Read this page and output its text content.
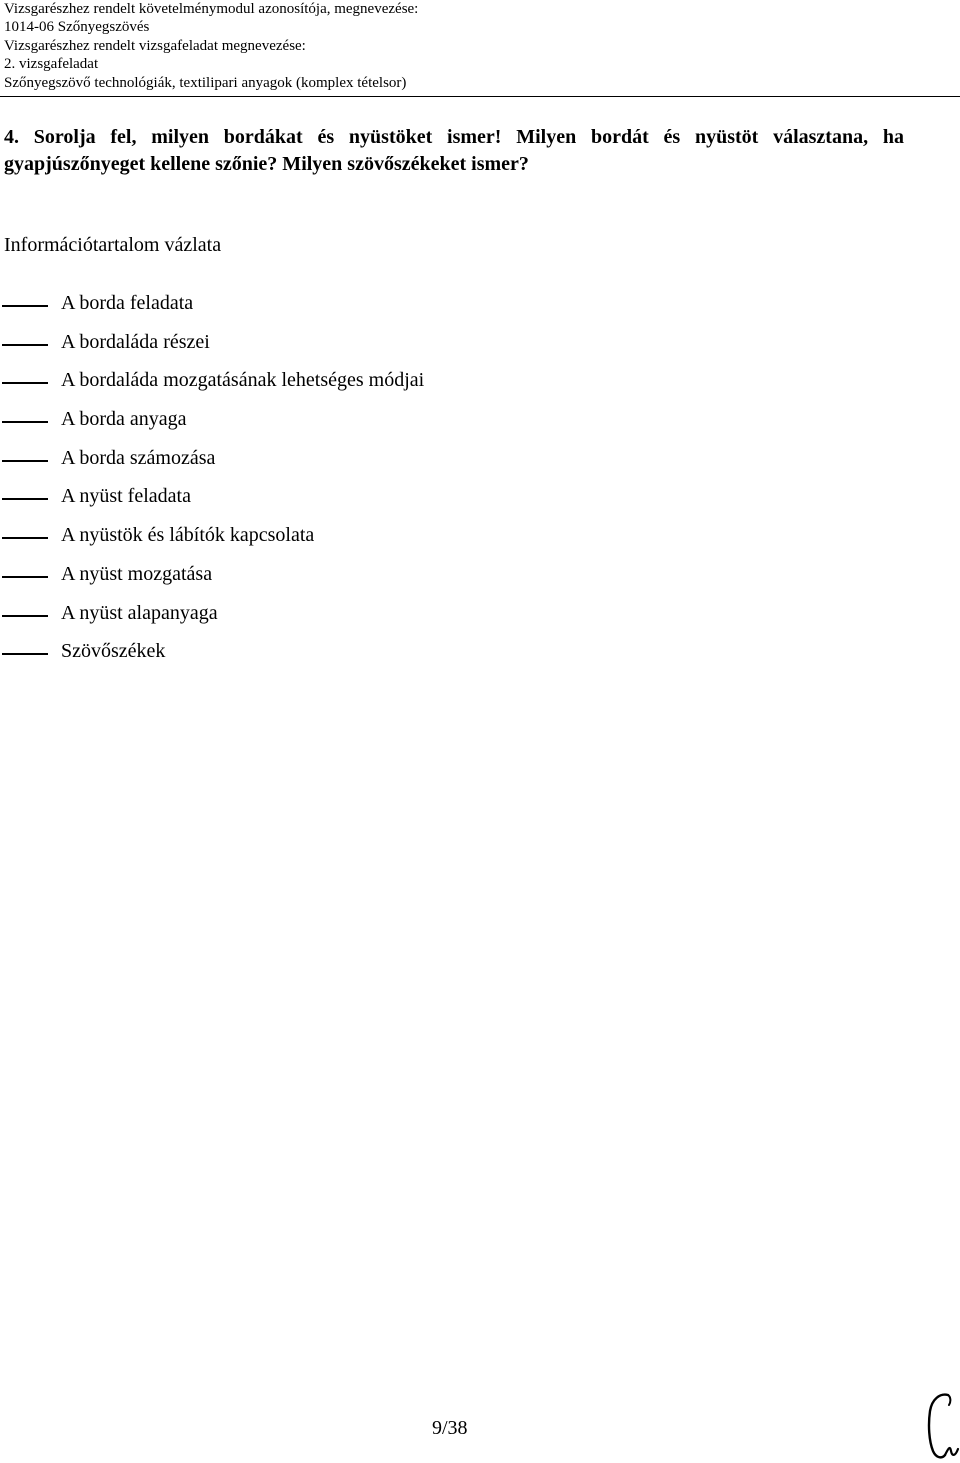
Vizsgarészhez rendelt követelménymodul azonosítója, megnevezése:
1014-06 Szőnyegszövés
Vizsgarészhez rendelt vizsgafeladat megnevezése:
2. vizsgafeladat
Szőnyegszövő technológiák, textilipari anyagok (komplex tételsor)
4. Sorolja fel, milyen bordákat és nyüstöket ismer! Milyen bordát és nyüstöt választana, ha gyapjúszőnyeget kellene szőnie? Milyen szövőszékeket ismer?
Információtartalom vázlata
A borda feladata
A bordaláda részei
A bordaláda mozgatásának lehetséges módjai
A borda anyaga
A borda számozása
A nyüst feladata
A nyüstök és lábítók kapcsolata
A nyüst mozgatása
A nyüst alapanyaga
Szövőszékek
9/38
